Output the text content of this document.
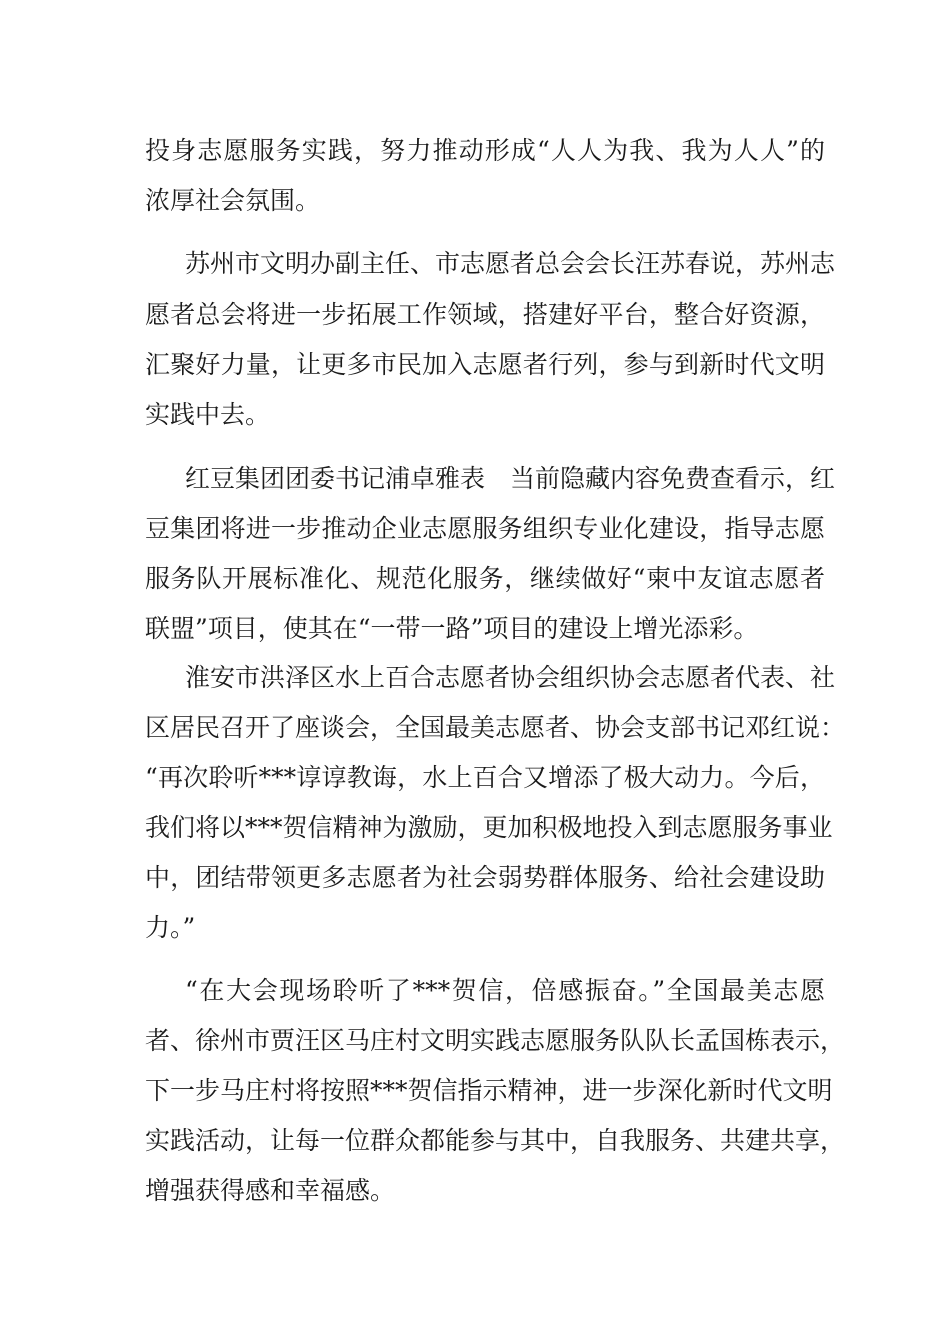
投身志愿服务实践，努力推动形成“人人为我、我为人人”的
浓厚社会氛围。
苏州市文明办副主任、市志愿者总会会长汪苏春说，苏州志
愿者总会将进一步拓展工作领域，搭建好平台，整合好资源，
汇聚好力量，让更多市民加入志愿者行列，参与到新时代文明
实践中去。
红豆集团团委书记浦卓雅表　当前隐藏内容免费查看示，红
豆集团将进一步推动企业志愿服务组织专业化建设，指导志愿
服务队开展标准化、规范化服务，继续做好“柬中友谊志愿者
联盟”项目，使其在“一带一路”项目的建设上增光添彩。
淮安市洪泽区水上百合志愿者协会组织协会志愿者代表、社
区居民召开了座谈会，全国最美志愿者、协会支部书记邓红说：
“再次聆听***谆谆教诲，水上百合又增添了极大动力。今后，
我们将以***贺信精神为激励，更加积极地投入到志愿服务事业
中，团结带领更多志愿者为社会弱势群体服务、给社会建设助
力。”
“在大会现场聆听了***贺信，倍感振奋。”全国最美志愿
者、徐州市贾汪区马庄村文明实践志愿服务队队长孟国栋表示，
下一步马庄村将按照***贺信指示精神，进一步深化新时代文明
实践活动，让每一位群众都能参与其中，自我服务、共建共享，
增强获得感和幸福感。
